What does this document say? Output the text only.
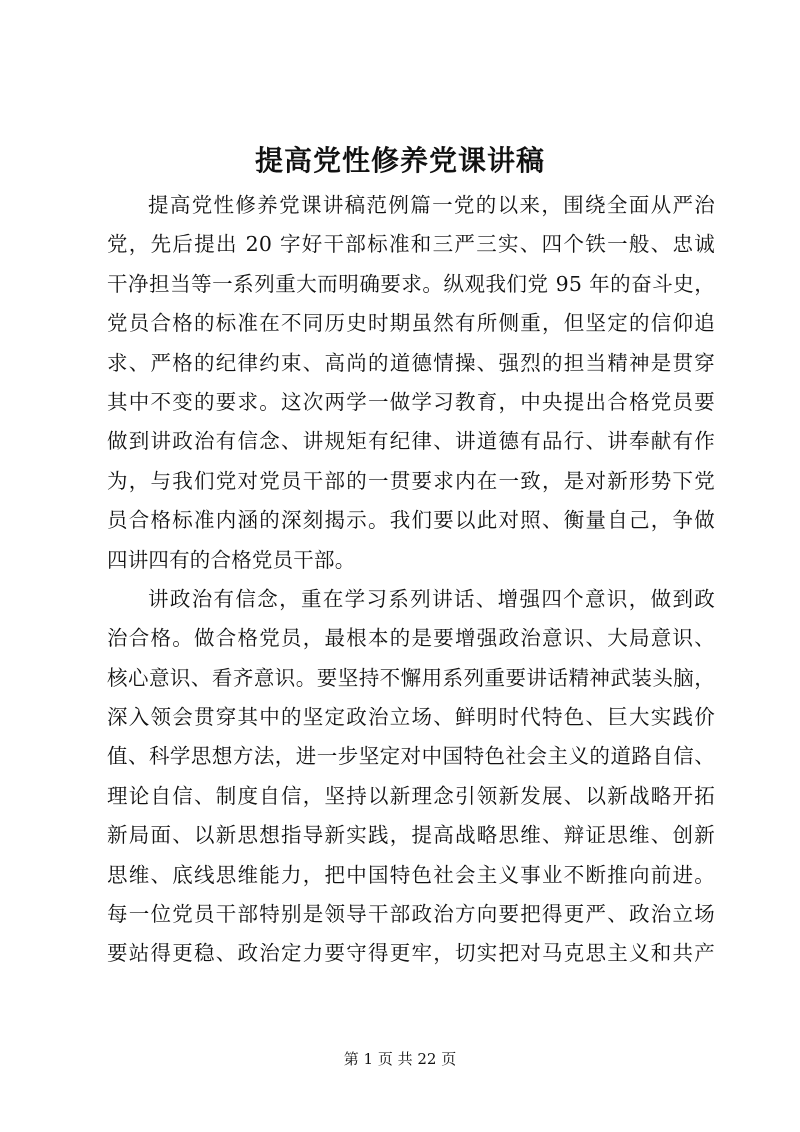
提高党性修养党课讲稿
提高党性修养党课讲稿范例篇一党的以来，围绕全面从严治
党，先后提出 20 字好干部标准和三严三实、四个铁一般、忠诚
干净担当等一系列重大而明确要求。纵观我们党 95 年的奋斗史，
党员合格的标准在不同历史时期虽然有所侧重，但坚定的信仰追
求、严格的纪律约束、高尚的道德情操、强烈的担当精神是贯穿
其中不变的要求。这次两学一做学习教育，中央提出合格党员要
做到讲政治有信念、讲规矩有纪律、讲道德有品行、讲奉献有作
为，与我们党对党员干部的一贯要求内在一致，是对新形势下党
员合格标准内涵的深刻揭示。我们要以此对照、衡量自己，争做
四讲四有的合格党员干部。
讲政治有信念，重在学习系列讲话、增强四个意识，做到政
治合格。做合格党员，最根本的是要增强政治意识、大局意识、
核心意识、看齐意识。要坚持不懈用系列重要讲话精神武装头脑，
深入领会贯穿其中的坚定政治立场、鲜明时代特色、巨大实践价
值、科学思想方法，进一步坚定对中国特色社会主义的道路自信、
理论自信、制度自信，坚持以新理念引领新发展、以新战略开拓
新局面、以新思想指导新实践，提高战略思维、辩证思维、创新
思维、底线思维能力，把中国特色社会主义事业不断推向前进。
每一位党员干部特别是领导干部政治方向要把得更严、政治立场
要站得更稳、政治定力要守得更牢，切实把对马克思主义和共产
第 1 页 共 22 页
